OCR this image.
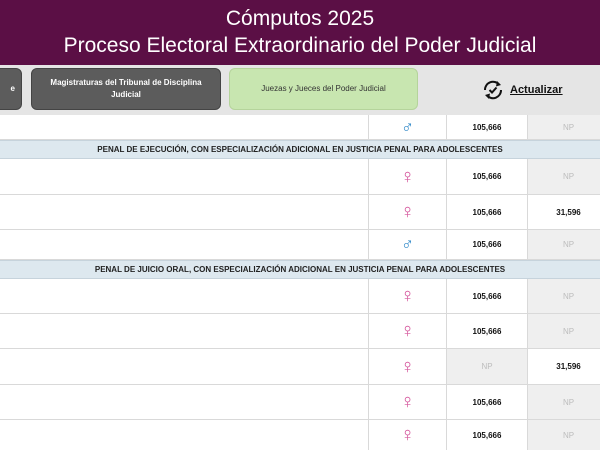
Cómputos 2025
Proceso Electoral Extraordinario del Poder Judicial
e
Magistraturas del Tribunal de Disciplina Judicial
Juezas y Jueces del Poder Judicial	Actualizar
♂	105,666	NP
PENAL DE EJECUCIÓN, CON ESPECIALIZACIÓN ADICIONAL EN JUSTICIA PENAL PARA ADOLESCENTES
♀	105,666	NP
♀	105,666	31,596
♂	105,666	NP
PENAL DE JUICIO ORAL, CON ESPECIALIZACIÓN ADICIONAL EN JUSTICIA PENAL PARA ADOLESCENTES
♀	105,666	NP
♀	105,666	NP
♀	NP	31,596
♀	105,666	NP
♀	105,666	NP
